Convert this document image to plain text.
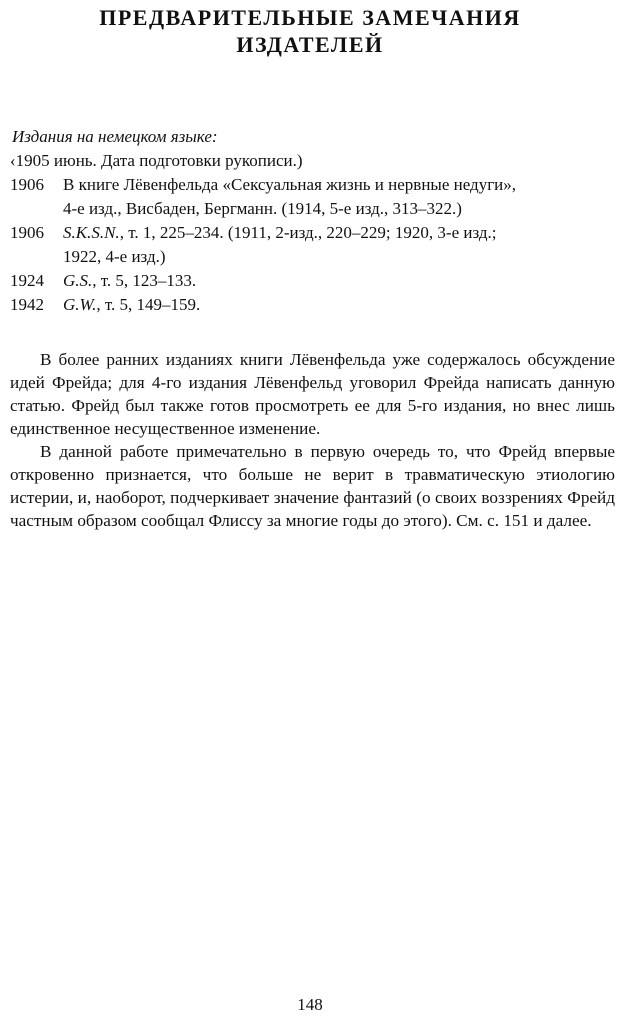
ПРЕДВАРИТЕЛЬНЫЕ ЗАМЕЧАНИЯ
ИЗДАТЕЛЕЙ
Издания на немецком языке:
‹1905 июнь. Дата подготовки рукописи.)
1906	В книге Лёвенфельда «Сексуальная жизнь и нервные недуги»,
4-е изд., Висбаден, Бергманн. (1914, 5-е изд., 313–322.)
1906	S.K.S.N., т. 1, 225–234. (1911, 2-изд., 220–229; 1920, 3-е изд.;
1922, 4-е изд.)
1924	G.S., т. 5, 123–133.
1942	G.W., т. 5, 149–159.

В более ранних изданиях книги Лёвенфельда уже содержалось обсуждение идей Фрейда; для 4-го издания Лёвенфельд уговорил Фрейда написать данную статью. Фрейд был также готов просмотреть ее для 5-го издания, но внес лишь единственное несущественное изменение.

В данной работе примечательно в первую очередь то, что Фрейд впервые откровенно признается, что больше не верит в травматическую этиологию истерии, и, наоборот, подчеркивает значение фантазий (о своих воззрениях Фрейд частным образом сообщал Флиссу за многие годы до этого). См. с. 151 и далее.

148
